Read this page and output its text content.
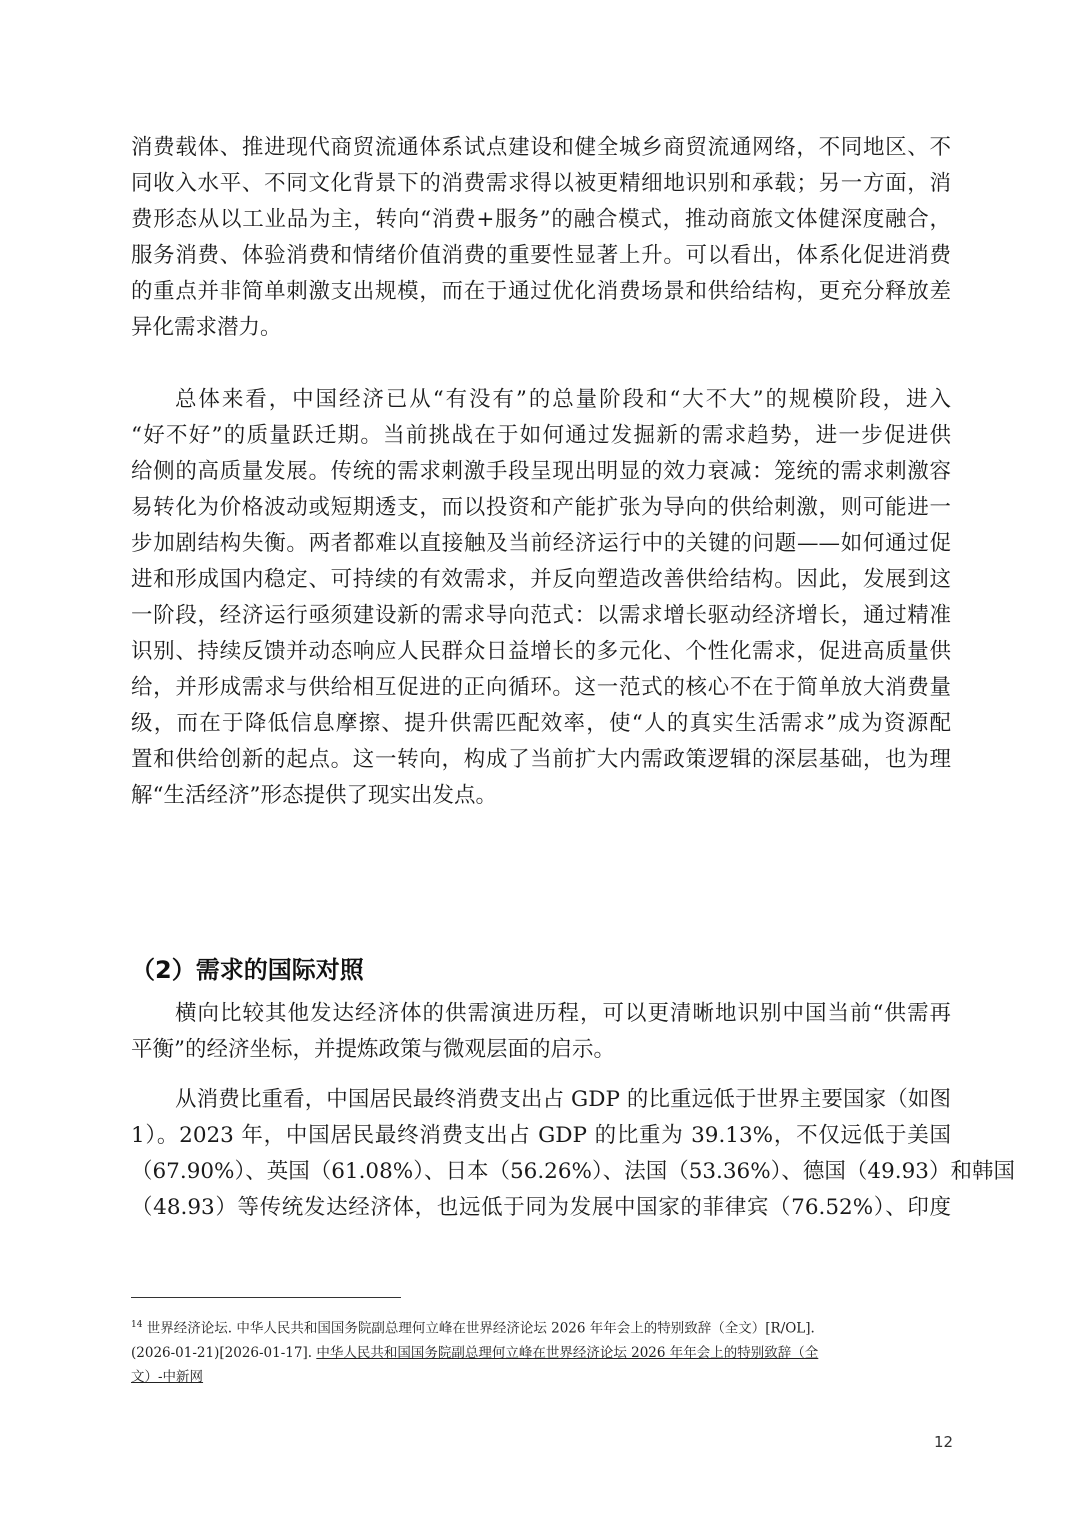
消费载体、推进现代商贸流通体系试点建设和健全城乡商贸流通网络，不同地区、不
同收入水平、不同文化背景下的消费需求得以被更精细地识别和承载；另一方面，消
费形态从以工业品为主，转向“消费+服务”的融合模式，推动商旅文体健深度融合，
服务消费、体验消费和情绪价值消费的重要性显著上升。可以看出，体系化促进消费
的重点并非简单刺激支出规模，而在于通过优化消费场景和供给结构，更充分释放差
异化需求潜力。
总体来看，中国经济已从“有没有”的总量阶段和“大不大”的规模阶段，进入
“好不好”的质量跃迁期。当前挑战在于如何通过发掘新的需求趋势，进一步促进供
给侧的高质量发展。传统的需求刺激手段呈现出明显的效力衰减：笼统的需求刺激容
易转化为价格波动或短期透支，而以投资和产能扩张为导向的供给刺激，则可能进一
步加剧结构失衡。两者都难以直接触及当前经济运行中的关键的问题——如何通过促
进和形成国内稳定、可持续的有效需求，并反向塑造改善供给结构。因此，发展到这
一阶段，经济运行亟须建设新的需求导向范式：以需求增长驱动经济增长，通过精准
识别、持续反馈并动态响应人民群众日益增长的多元化、个性化需求，促进高质量供
给，并形成需求与供给相互促进的正向循环。这一范式的核心不在于简单放大消费量
级，而在于降低信息摩擦、提升供需匹配效率，使“人的真实生活需求”成为资源配
置和供给创新的起点。这一转向，构成了当前扩大内需政策逻辑的深层基础，也为理
解“生活经济”形态提供了现实出发点。
（2）需求的国际对照
横向比较其他发达经济体的供需演进历程，可以更清晰地识别中国当前“供需再
平衡”的经济坐标，并提炼政策与微观层面的启示。
从消费比重看，中国居民最终消费支出占 GDP 的比重远低于世界主要国家（如图
1）。2023 年，中国居民最终消费支出占 GDP 的比重为 39.13%，不仅远低于美国
（67.90%）、英国（61.08%）、日本（56.26%）、法国（53.36%）、德国（49.93）和韩国
（48.93）等传统发达经济体，也远低于同为发展中国家的菲律宾（76.52%）、印度
$^{14}$ 世界经济论坛. 中华人民共和国国务院副总理何立峰在世界经济论坛 2026 年年会上的特别致辞（全文）[R/OL].
(2026-01-21)[2026-01-17]. 中华人民共和国国务院副总理何立峰在世界经济论坛 2026 年年会上的特别致辞（全
文）-中新网
12
